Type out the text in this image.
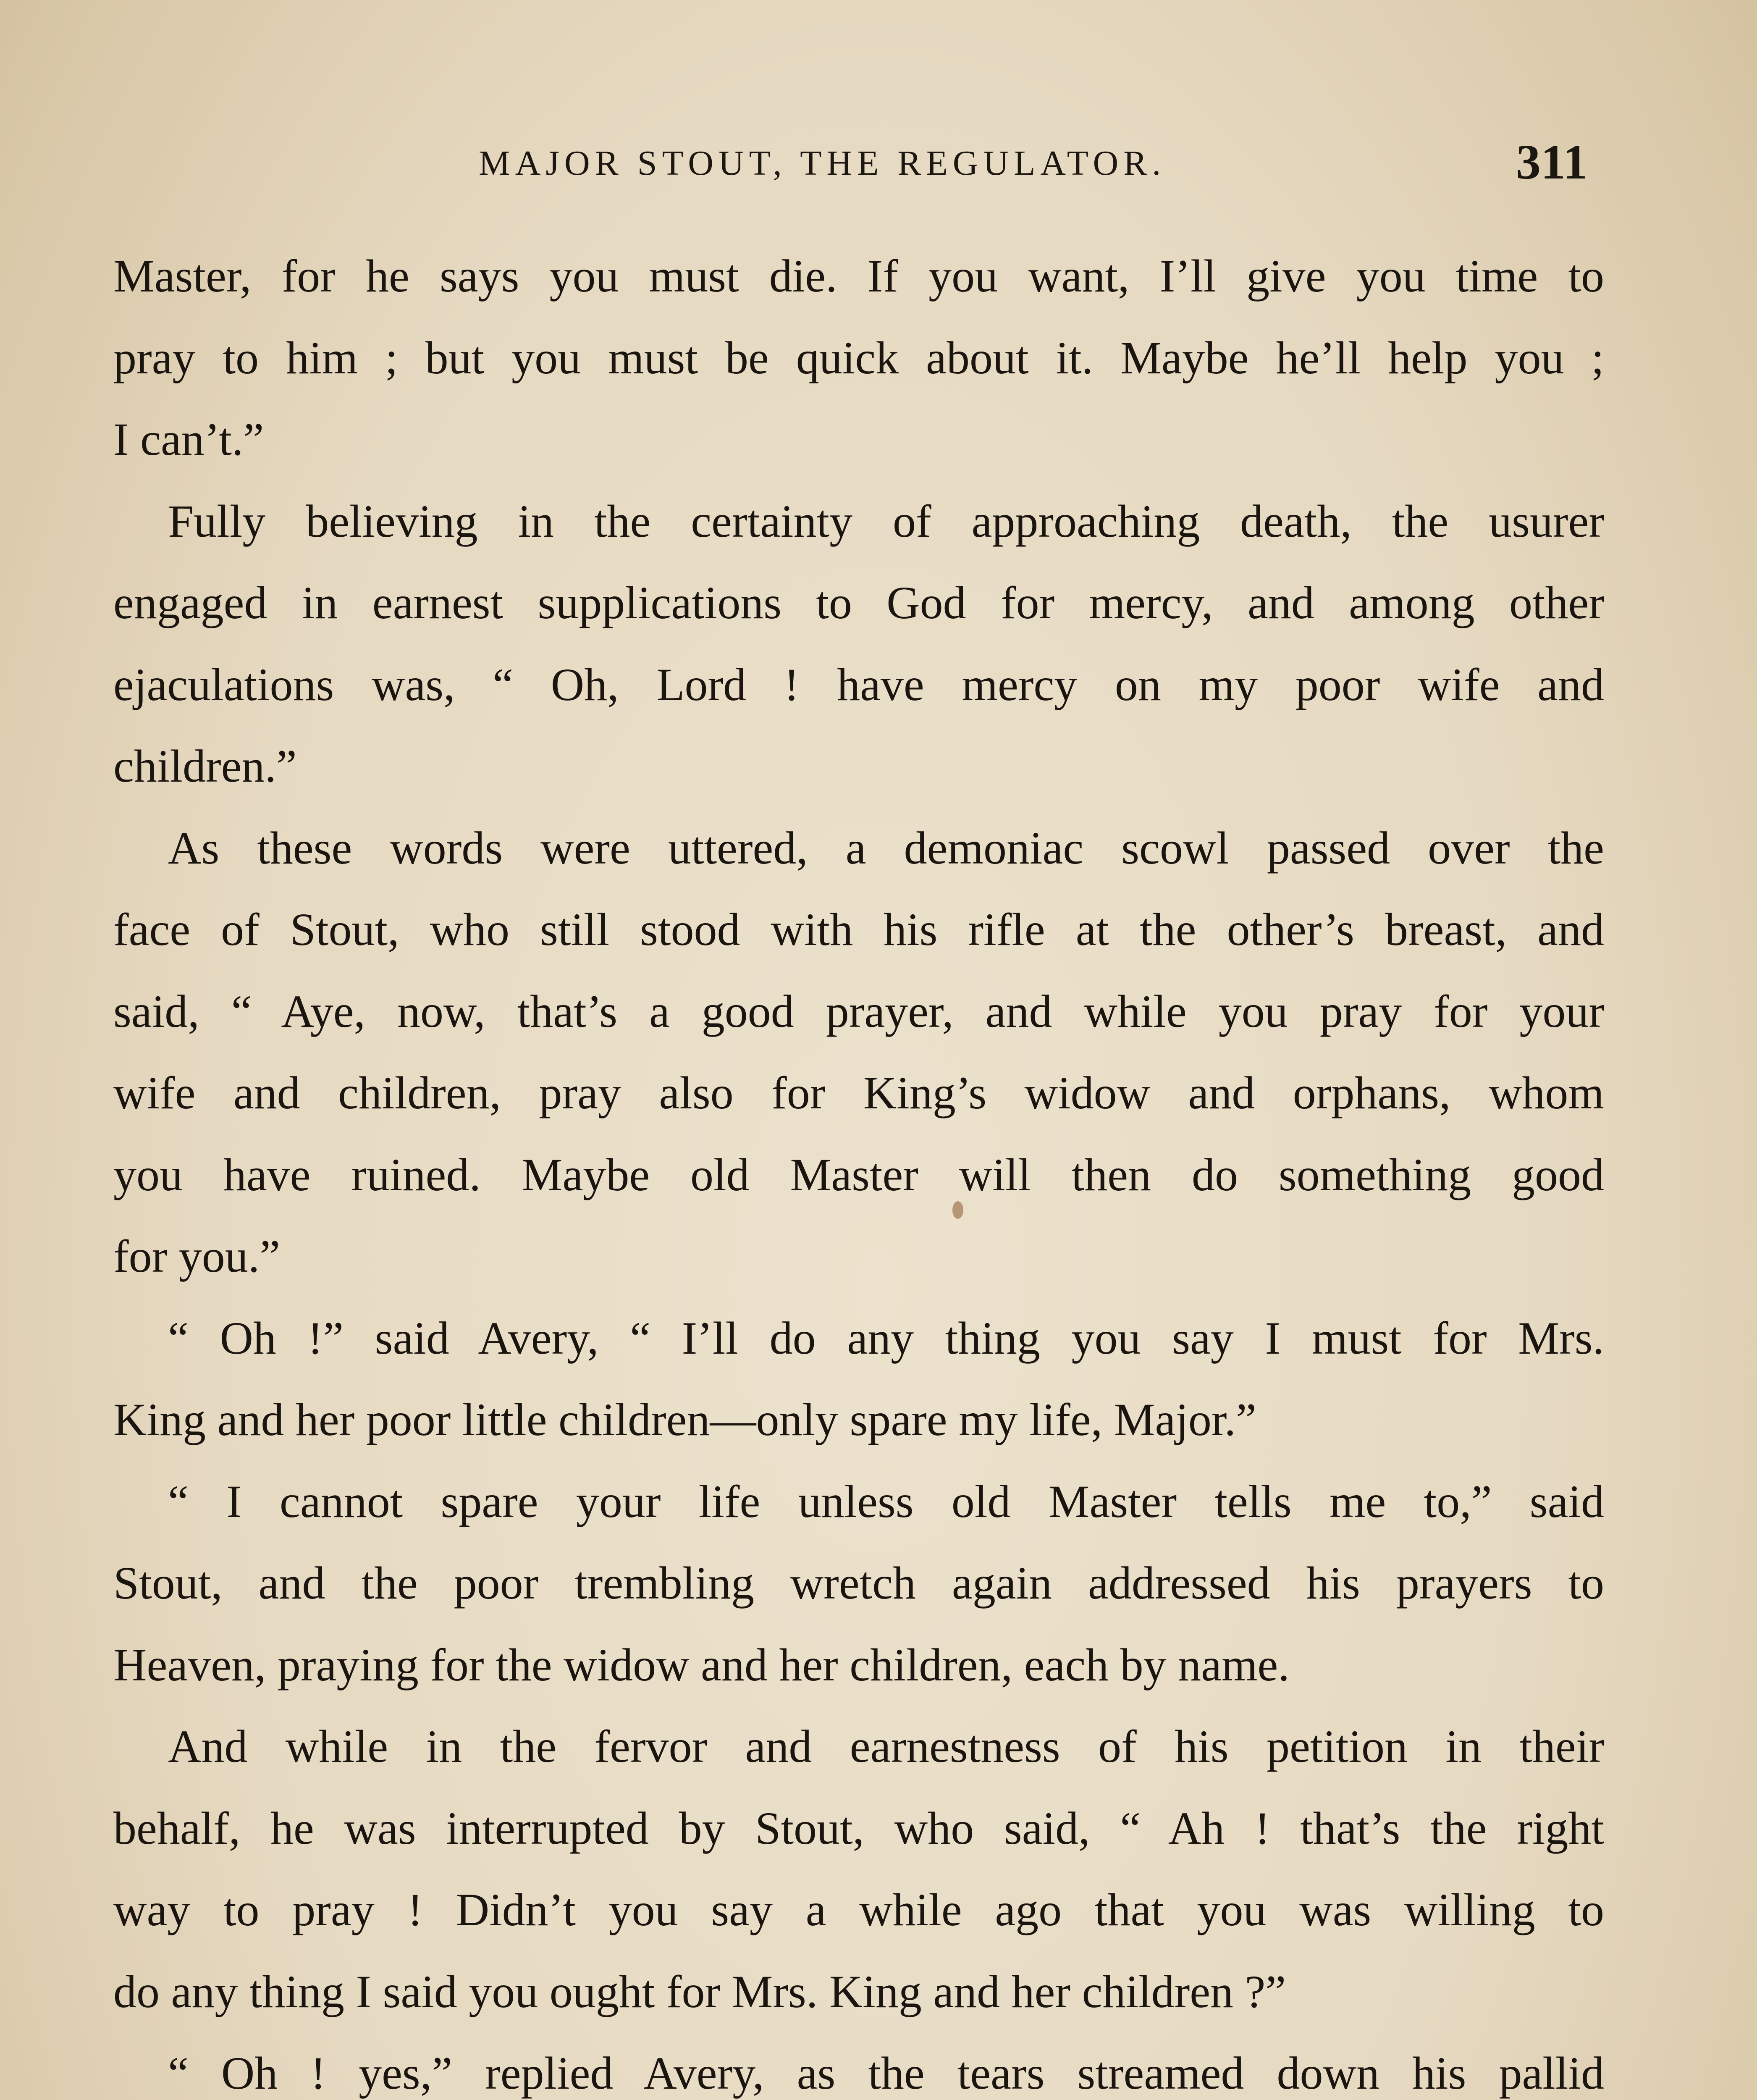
MAJOR STOUT, THE REGULATOR.	311
Master, for he says you must die. If you want, I’ll give you time to
pray to him ; but you must be quick about it. Maybe he’ll help you ;
I can’t.”
Fully believing in the certainty of approaching death, the usurer
engaged in earnest supplications to God for mercy, and among other
ejaculations was, “ Oh, Lord ! have mercy on my poor wife and
children.”
As these words were uttered, a demoniac scowl passed over the
face of Stout, who still stood with his rifle at the other’s breast, and
said, “ Aye, now, that’s a good prayer, and while you pray for your
wife and children, pray also for King’s widow and orphans, whom
you have ruined. Maybe old Master will then do something good
for you.”
“ Oh !” said Avery, “ I’ll do any thing you say I must for Mrs.
King and her poor little children—only spare my life, Major.”
“ I cannot spare your life unless old Master tells me to,” said
Stout, and the poor trembling wretch again addressed his prayers to
Heaven, praying for the widow and her children, each by name.
And while in the fervor and earnestness of his petition in their
behalf, he was interrupted by Stout, who said, “ Ah ! that’s the right
way to pray ! Didn’t you say a while ago that you was willing to
do any thing I said you ought for Mrs. King and her children ?”
“ Oh ! yes,” replied Avery, as the tears streamed down his pallid
